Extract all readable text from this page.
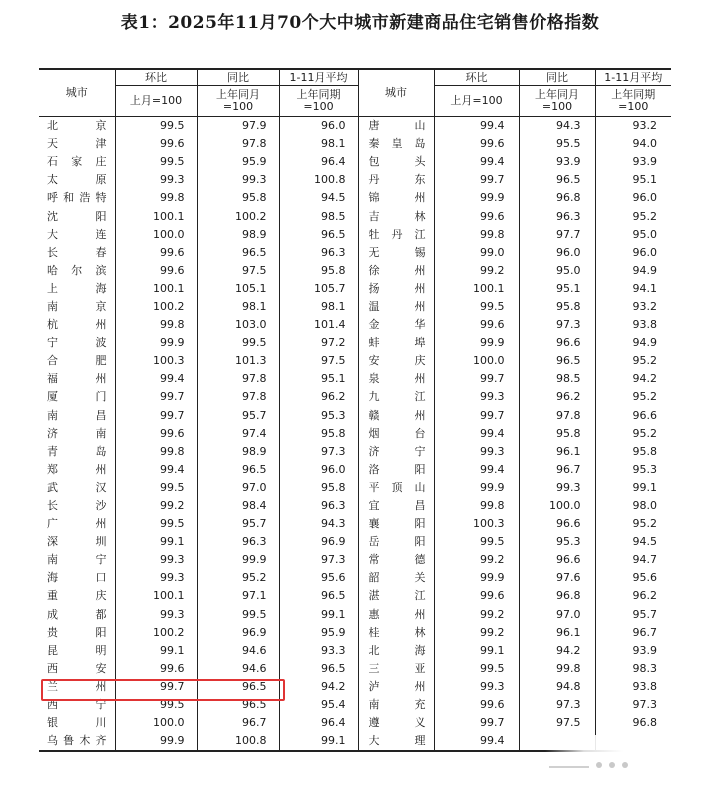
表1：2025年11月70个大中城市新建商品住宅销售价格指数
城市	环比	同比	1-11月平均	城市	环比	同比	1-11月平均
	上月=100	上年同月=100	上年同期=100		上月=100	上年同月=100	上年同期=100
北京	99.5	97.9	96.0	唐山	99.4	94.3	93.2
天津	99.6	97.8	98.1	秦皇岛	99.6	95.5	94.0
石家庄	99.5	95.9	96.4	包头	99.4	93.9	93.9
太原	99.3	99.3	100.8	丹东	99.7	96.5	95.1
呼和浩特	99.8	95.8	94.5	锦州	99.9	96.8	96.0
沈阳	100.1	100.2	98.5	吉林	99.6	96.3	95.2
大连	100.0	98.9	96.5	牡丹江	99.8	97.7	95.0
长春	99.6	96.5	96.3	无锡	99.0	96.0	96.0
哈尔滨	99.6	97.5	95.8	徐州	99.2	95.0	94.9
上海	100.1	105.1	105.7	扬州	100.1	95.1	94.1
南京	100.2	98.1	98.1	温州	99.5	95.8	93.2
杭州	99.8	103.0	101.4	金华	99.6	97.3	93.8
宁波	99.9	99.5	97.2	蚌埠	99.9	96.6	94.9
合肥	100.3	101.3	97.5	安庆	100.0	96.5	95.2
福州	99.4	97.8	95.1	泉州	99.7	98.5	94.2
厦门	99.7	97.8	96.2	九江	99.3	96.2	95.2
南昌	99.7	95.7	95.3	赣州	99.7	97.8	96.6
济南	99.6	97.4	95.8	烟台	99.4	95.8	95.2
青岛	99.8	98.9	97.3	济宁	99.3	96.1	95.8
郑州	99.4	96.5	96.0	洛阳	99.4	96.7	95.3
武汉	99.5	97.0	95.8	平顶山	99.9	99.3	99.1
长沙	99.2	98.4	96.3	宜昌	99.8	100.0	98.0
广州	99.5	95.7	94.3	襄阳	100.3	96.6	95.2
深圳	99.1	96.3	96.9	岳阳	99.5	95.3	94.5
南宁	99.3	99.9	97.3	常德	99.2	96.6	94.7
海口	99.3	95.2	95.6	韶关	99.9	97.6	95.6
重庆	100.1	97.1	96.5	湛江	99.6	96.8	96.2
成都	99.3	99.5	99.1	惠州	99.2	97.0	95.7
贵阳	100.2	96.9	95.9	桂林	99.2	96.1	96.7
昆明	99.1	94.6	93.3	北海	99.1	94.2	93.9
西安	99.6	94.6	96.5	三亚	99.5	99.8	98.3
兰州	99.7	96.5	94.2	泸州	99.3	94.8	93.8
西宁	99.5	96.5	95.4	南充	99.6	97.3	97.3
银川	100.0	96.7	96.4	遵义	99.7	97.5	96.8
乌鲁木齐	99.9	100.8	99.1	大理	99.4		
